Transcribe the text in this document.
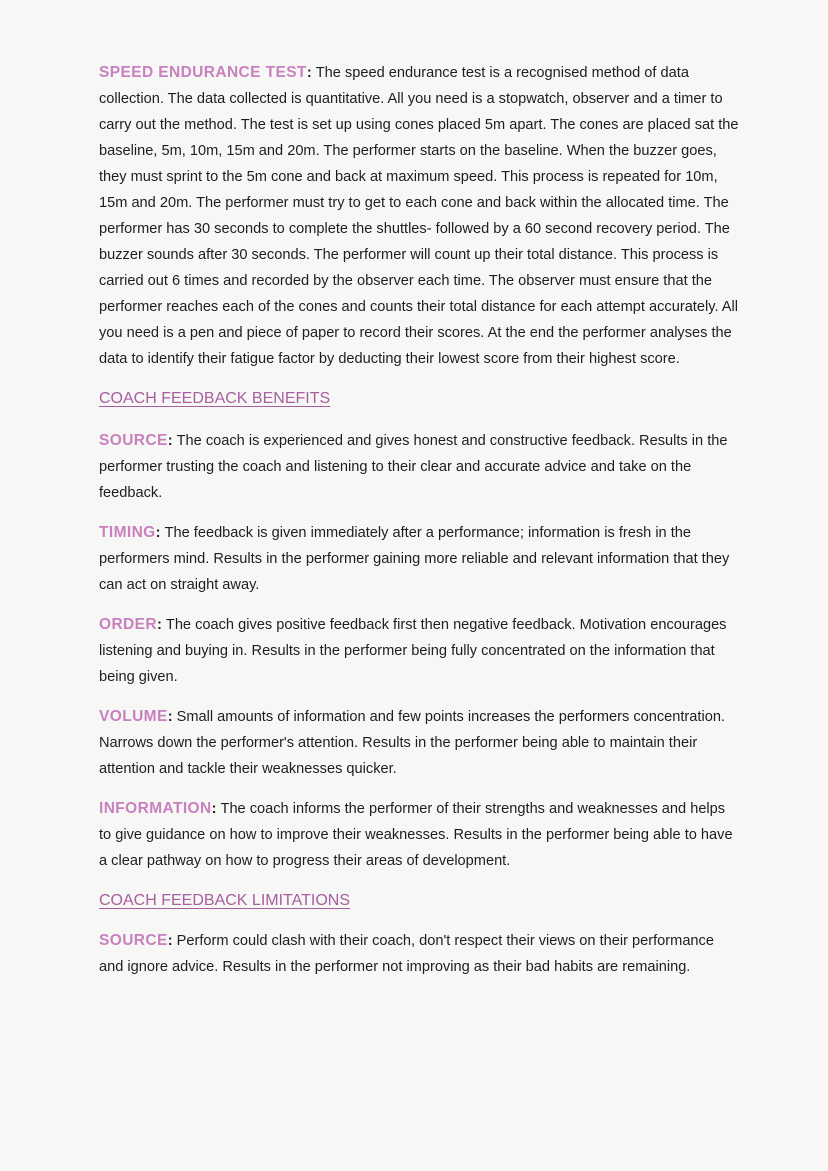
SPEED ENDURANCE TEST: The speed endurance test is a recognised method of data collection. The data collected is quantitative. All you need is a stopwatch, observer and a timer to carry out the method. The test is set up using cones placed 5m apart. The cones are placed sat the baseline, 5m, 10m, 15m and 20m. The performer starts on the baseline. When the buzzer goes, they must sprint to the 5m cone and back at maximum speed. This process is repeated for 10m, 15m and 20m. The performer must try to get to each cone and back within the allocated time. The performer has 30 seconds to complete the shuttles- followed by a 60 second recovery period. The buzzer sounds after 30 seconds. The performer will count up their total distance. This process is carried out 6 times and recorded by the observer each time. The observer must ensure that the performer reaches each of the cones and counts their total distance for each attempt accurately. All you need is a pen and piece of paper to record their scores. At the end the performer analyses the data to identify their fatigue factor by deducting their lowest score from their highest score.

COACH FEEDBACK BENEFITS

SOURCE: The coach is experienced and gives honest and constructive feedback. Results in the performer trusting the coach and listening to their clear and accurate advice and take on the feedback.

TIMING: The feedback is given immediately after a performance; information is fresh in the performers mind. Results in the performer gaining more reliable and relevant information that they can act on straight away.

ORDER: The coach gives positive feedback first then negative feedback. Motivation encourages listening and buying in. Results in the performer being fully concentrated on the information that being given.

VOLUME: Small amounts of information and few points increases the performers concentration. Narrows down the performer's attention. Results in the performer being able to maintain their attention and tackle their weaknesses quicker.

INFORMATION: The coach informs the performer of their strengths and weaknesses and helps to give guidance on how to improve their weaknesses. Results in the performer being able to have a clear pathway on how to progress their areas of development.

COACH FEEDBACK LIMITATIONS

SOURCE: Perform could clash with their coach, don't respect their views on their performance and ignore advice. Results in the performer not improving as their bad habits are remaining.
